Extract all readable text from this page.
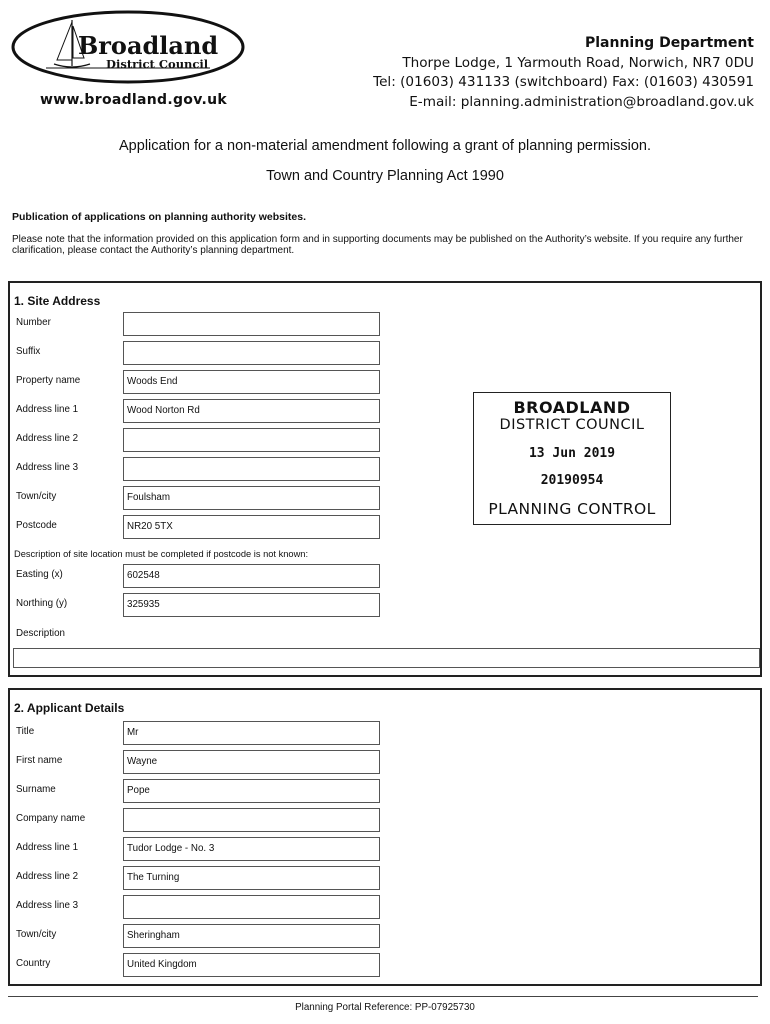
Broadland
District Council
www.broadland.gov.uk
Planning Department
Thorpe Lodge, 1 Yarmouth Road, Norwich, NR7 0DU
Tel: (01603) 431133 (switchboard) Fax: (01603) 430591
E-mail: planning.administration@broadland.gov.uk
Application for a non-material amendment following a grant of planning permission.
Town and Country Planning Act 1990
Publication of applications on planning authority websites.
Please note that the information provided on this application form and in supporting documents may be published on the Authority’s website. If you require any further clarification, please contact the Authority’s planning department.
1. Site Address
Number
Suffix
Property name	Woods End
Address line 1	Wood Norton Rd
Address line 2
Address line 3
Town/city	Foulsham
Postcode	NR20 5TX
Description of site location must be completed if postcode is not known:
Easting (x)	602548
Northing (y)	325935
Description
BROADLAND
DISTRICT COUNCIL
13 Jun 2019
20190954
PLANNING CONTROL
2. Applicant Details
Title	Mr
First name	Wayne
Surname	Pope
Company name
Address line 1	Tudor Lodge - No. 3
Address line 2	The Turning
Address line 3
Town/city	Sheringham
Country	United Kingdom
Planning Portal Reference: PP-07925730
